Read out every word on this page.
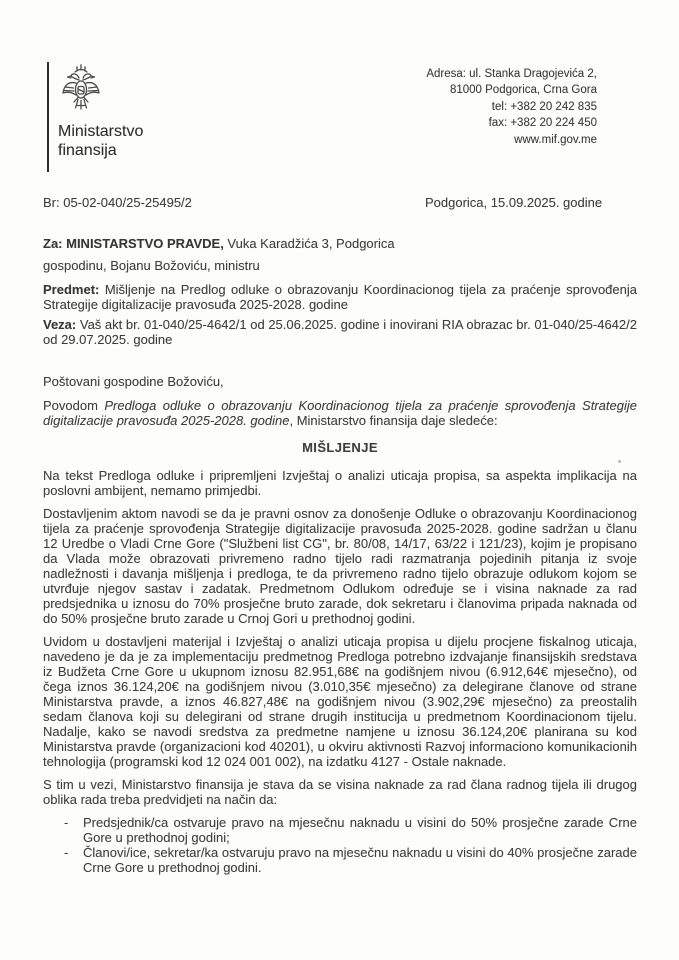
Ministarstvo
finansija
Adresa: ul. Stanka Dragojevića 2,
81000 Podgorica, Crna Gora
tel: +382 20 242 835
fax: +382 20 224 450
www.mif.gov.me
Br: 05-02-040/25-25495/2	Podgorica, 15.09.2025. godine

Za: MINISTARSTVO PRAVDE, Vuka Karadžića 3, Podgorica

gospodinu, Bojanu Božoviću, ministru

Predmet: Mišljenje na Predlog odluke o obrazovanju Koordinacionog tijela za praćenje sprovođenja Strategije digitalizacije pravosuđa 2025-2028. godine

Veza: Vaš akt br. 01-040/25-4642/1 od 25.06.2025. godine i inovirani RIA obrazac br. 01-040/25-4642/2 od 29.07.2025. godine

Poštovani gospodine Božoviću,

Povodom Predloga odluke o obrazovanju Koordinacionog tijela za praćenje sprovođenja Strategije digitalizacije pravosuđa 2025-2028. godine, Ministarstvo finansija daje sledeće:

MIŠLJENJE

Na tekst Predloga odluke i pripremljeni Izvještaj o analizi uticaja propisa, sa aspekta implikacija na poslovni ambijent, nemamo primjedbi.

Dostavljenim aktom navodi se da je pravni osnov za donošenje Odluke o obrazovanju Koordinacionog tijela za praćenje sprovođenja Strategije digitalizacije pravosuđa 2025-2028. godine sadržan u članu 12 Uredbe o Vladi Crne Gore ("Službeni list CG", br. 80/08, 14/17, 63/22 i 121/23), kojim je propisano da Vlada može obrazovati privremeno radno tijelo radi razmatranja pojedinih pitanja iz svoje nadležnosti i davanja mišljenja i predloga, te da privremeno radno tijelo obrazuje odlukom kojom se utvrđuje njegov sastav i zadatak. Predmetnom Odlukom određuje se i visina naknade za rad predsjednika u iznosu do 70% prosječne bruto zarade, dok sekretaru i članovima pripada naknada od do 50% prosječne bruto zarade u Crnoj Gori u prethodnoj godini.

Uvidom u dostavljeni materijal i Izvještaj o analizi uticaja propisa u dijelu procjene fiskalnog uticaja, navedeno je da je za implementaciju predmetnog Predloga potrebno izdvajanje finansijskih sredstava iz Budžeta Crne Gore u ukupnom iznosu 82.951,68€ na godišnjem nivou (6.912,64€ mjesečno), od čega iznos 36.124,20€ na godišnjem nivou (3.010,35€ mjesečno) za delegirane članove od strane Ministarstva pravde, a iznos 46.827,48€ na godišnjem nivou (3.902,29€ mjesečno) za preostalih sedam članova koji su delegirani od strane drugih institucija u predmetnom Koordinacionom tijelu. Nadalje, kako se navodi sredstva za predmetne namjene u iznosu 36.124,20€ planirana su kod Ministarstva pravde (organizacioni kod 40201), u okviru aktivnosti Razvoj informaciono komunikacionih tehnologija (programski kod 12 024 001 002), na izdatku 4127 - Ostale naknade.

S tim u vezi, Ministarstvo finansija je stava da se visina naknade za rad člana radnog tijela ili drugog oblika rada treba predvidjeti na način da:

-	Predsjednik/ca ostvaruje pravo na mjesečnu naknadu u visini do 50% prosječne zarade Crne Gore u prethodnoj godini;
-	Članovi/ice, sekretar/ka ostvaruju pravo na mjesečnu naknadu u visini do 40% prosječne zarade Crne Gore u prethodnoj godini.
